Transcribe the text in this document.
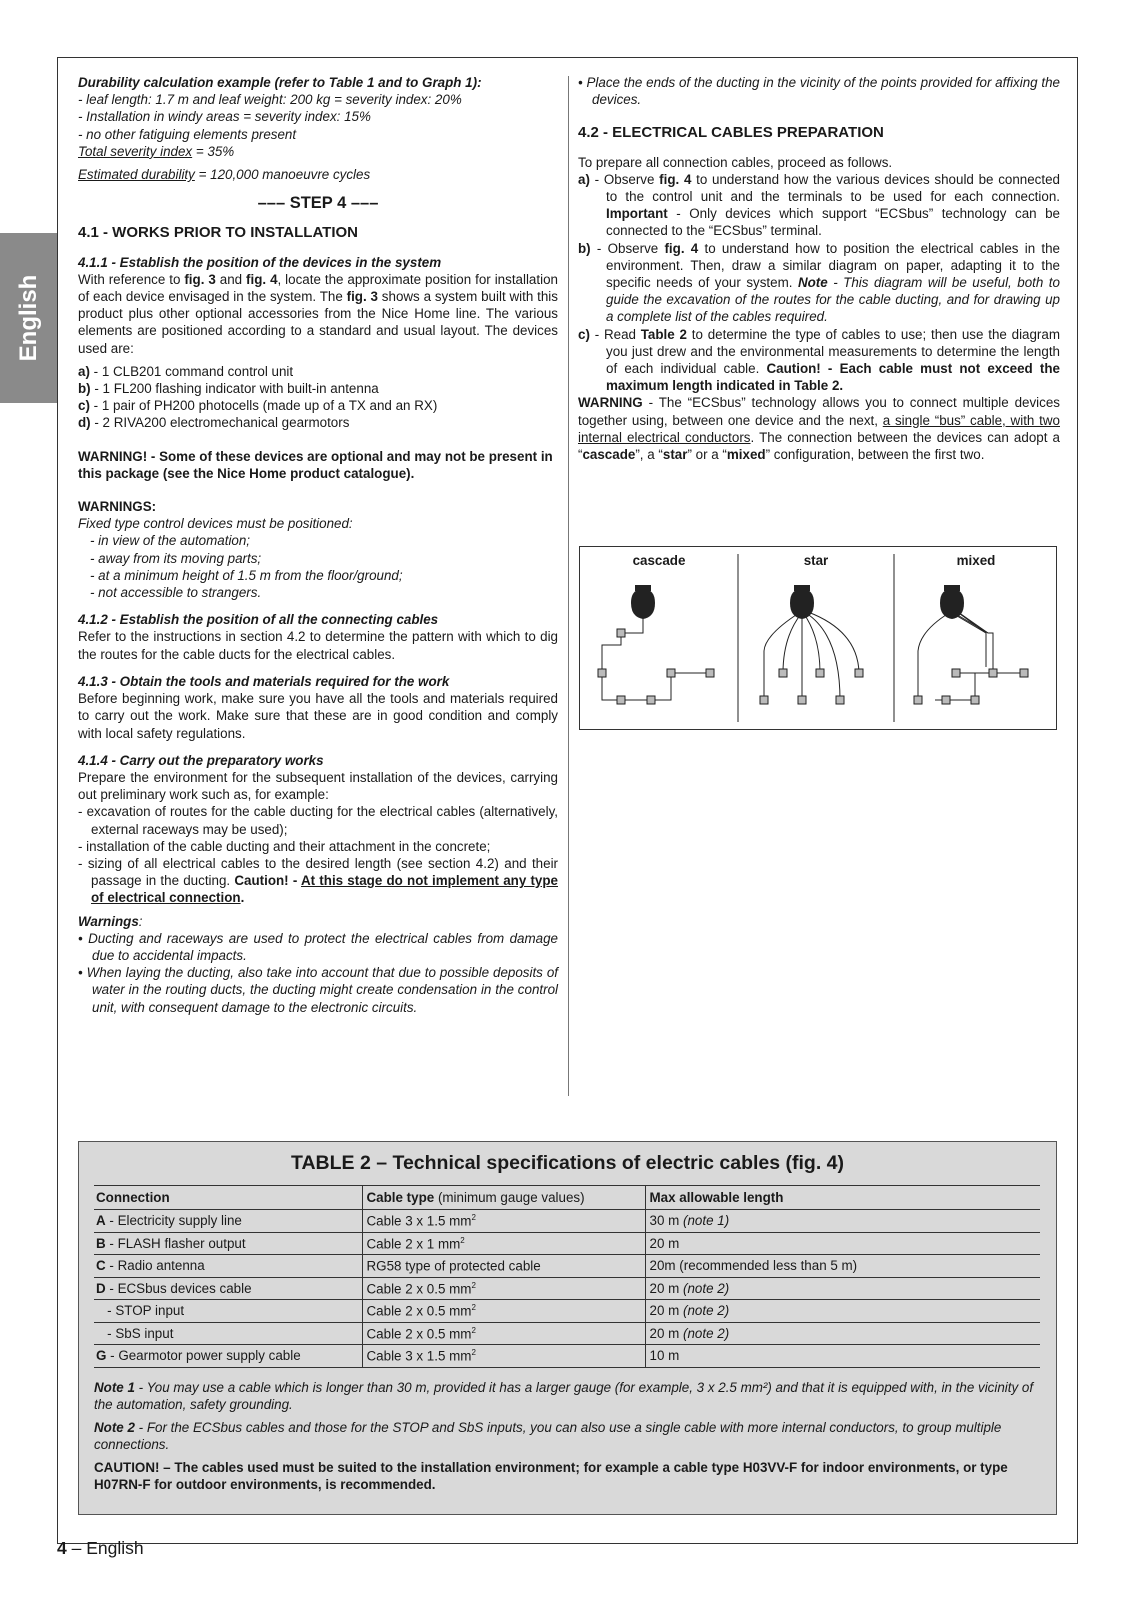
English
Durability calculation example (refer to Table 1 and to Graph 1):
- leaf length: 1.7 m and leaf weight: 200 kg = severity index: 20%
- Installation in windy areas = severity index: 15%
- no other fatiguing elements present
Total severity index = 35%
Estimated durability = 120,000 manoeuvre cycles
––– STEP 4 –––
4.1 - WORKS PRIOR TO INSTALLATION
4.1.1 - Establish the position of the devices in the system
With reference to fig. 3 and fig. 4, locate the approximate position for installation of each device envisaged in the system. The fig. 3 shows a system built with this product plus other optional accessories from the Nice Home line. The various elements are positioned according to a standard and usual layout. The devices used are:
a) - 1 CLB201 command control unit
b) - 1 FL200 flashing indicator with built-in antenna
c) - 1 pair of PH200 photocells (made up of a TX and an RX)
d) - 2 RIVA200 electromechanical gearmotors
WARNING! - Some of these devices are optional and may not be present in this package (see the Nice Home product catalogue).
WARNINGS:
Fixed type control devices must be positioned:
- in view of the automation;
- away from its moving parts;
- at a minimum height of 1.5 m from the floor/ground;
- not accessible to strangers.
4.1.2 - Establish the position of all the connecting cables
Refer to the instructions in section 4.2 to determine the pattern with which to dig the routes for the cable ducts for the electrical cables.
4.1.3 - Obtain the tools and materials required for the work
Before beginning work, make sure you have all the tools and materials required to carry out the work. Make sure that these are in good condition and comply with local safety regulations.
4.1.4 - Carry out the preparatory works
Prepare the environment for the subsequent installation of the devices, carrying out preliminary work such as, for example:
- excavation of routes for the cable ducting for the electrical cables (alternatively, external raceways may be used);
- installation of the cable ducting and their attachment in the concrete;
- sizing of all electrical cables to the desired length (see section 4.2) and their passage in the ducting. Caution! - At this stage do not implement any type of electrical connection.
Warnings:
• Ducting and raceways are used to protect the electrical cables from damage due to accidental impacts.
• When laying the ducting, also take into account that due to possible deposits of water in the routing ducts, the ducting might create condensation in the control unit, with consequent damage to the electronic circuits.
• Place the ends of the ducting in the vicinity of the points provided for affixing the devices.
4.2 - ELECTRICAL CABLES PREPARATION
To prepare all connection cables, proceed as follows.
a) - Observe fig. 4 to understand how the various devices should be connected to the control unit and the terminals to be used for each connection. Important - Only devices which support “ECSbus” technology can be connected to the “ECSbus” terminal.
b) - Observe fig. 4 to understand how to position the electrical cables in the environment. Then, draw a similar diagram on paper, adapting it to the specific needs of your system. Note - This diagram will be useful, both to guide the excavation of the routes for the cable ducting, and for drawing up a complete list of the cables required.
c) - Read Table 2 to determine the type of cables to use; then use the diagram you just drew and the environmental measurements to determine the length of each individual cable. Caution! - Each cable must not exceed the maximum length indicated in Table 2.
WARNING - The “ECSbus” technology allows you to connect multiple devices together using, between one device and the next, a single “bus” cable, with two internal electrical conductors. The connection between the devices can adopt a “cascade”, a “star” or a “mixed” configuration, between the first two.
cascade	star	mixed
TABLE 2 – Technical specifications of electric cables (fig. 4)
Connection	Cable type (minimum gauge values)	Max allowable length
A - Electricity supply line	Cable 3 x 1.5 $mm^2$	30 m (note 1)
B - FLASH flasher output	Cable 2 x 1 $mm^2$	20 m
C - Radio antenna	RG58 type of protected cable	20m (recommended less than 5 m)
D - ECSbus devices cable	Cable 2 x 0.5 $mm^2$	20 m (note 2)
- STOP input	Cable 2 x 0.5 $mm^2$	20 m (note 2)
- SbS input	Cable 2 x 0.5 $mm^2$	20 m (note 2)
G - Gearmotor power supply cable	Cable 3 x 1.5 $mm^2$	10 m
Note 1 - You may use a cable which is longer than 30 m, provided it has a larger gauge (for example, 3 x 2.5 mm²) and that it is equipped with, in the vicinity of the automation, safety grounding.
Note 2 - For the ECSbus cables and those for the STOP and SbS inputs, you can also use a single cable with more internal conductors, to group multiple connections.
CAUTION! – The cables used must be suited to the installation environment; for example a cable type H03VV-F for indoor environments, or type H07RN-F for outdoor environments, is recommended.
4 – English
